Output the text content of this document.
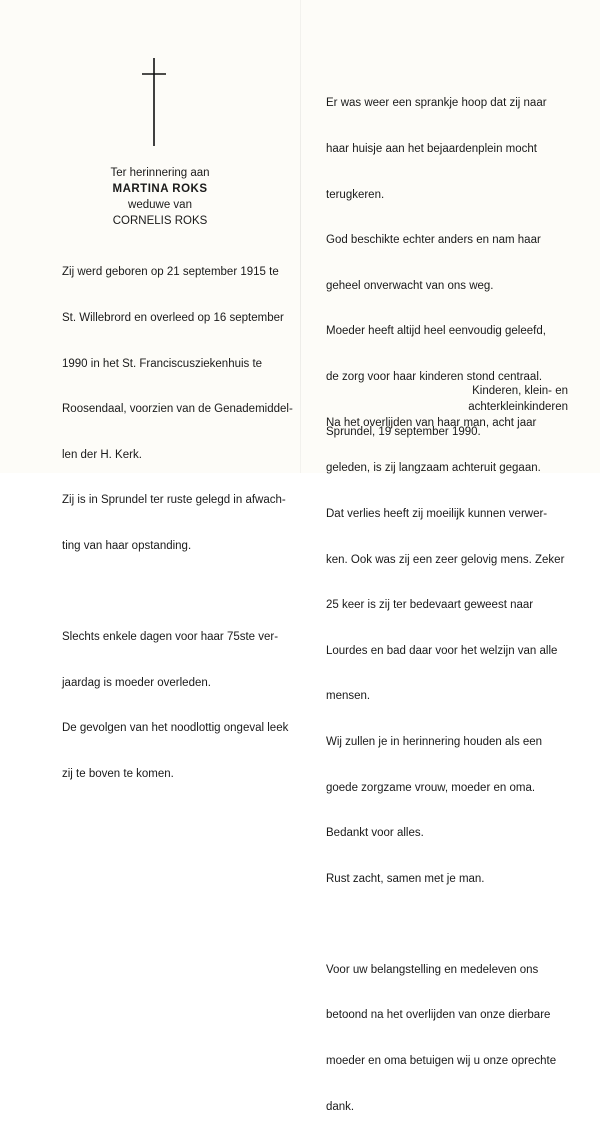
Ter herinnering aan
MARTINA ROKS
weduwe van
CORNELIS ROKS

Zij werd geboren op 21 september 1915 te

St. Willebrord en overleed op 16 september

1990 in het St. Franciscusziekenhuis te

Roosendaal, voorzien van de Genademiddel-

len der H. Kerk.

Zij is in Sprundel ter ruste gelegd in afwach-

ting van haar opstanding.

Slechts enkele dagen voor haar 75ste ver-

jaardag is moeder overleden.

De gevolgen van het noodlottig ongeval leek

zij te boven te komen.

Er was weer een sprankje hoop dat zij naar

haar huisje aan het bejaardenplein mocht

terugkeren.

God beschikte echter anders en nam haar

geheel onverwacht van ons weg.

Moeder heeft altijd heel eenvoudig geleefd,

de zorg voor haar kinderen stond centraal.

Na het overlijden van haar man, acht jaar

geleden, is zij langzaam achteruit gegaan.

Dat verlies heeft zij moeilijk kunnen verwer-

ken. Ook was zij een zeer gelovig mens. Zeker

25 keer is zij ter bedevaart geweest naar

Lourdes en bad daar voor het welzijn van alle

mensen.

Wij zullen je in herinnering houden als een

goede zorgzame vrouw, moeder en oma.

Bedankt voor alles.

Rust zacht, samen met je man.

Voor uw belangstelling en medeleven ons

betoond na het overlijden van onze dierbare

moeder en oma betuigen wij u onze oprechte

dank.

Kinderen, klein- en
achterkleinkinderen
Sprundel, 19 september 1990.
